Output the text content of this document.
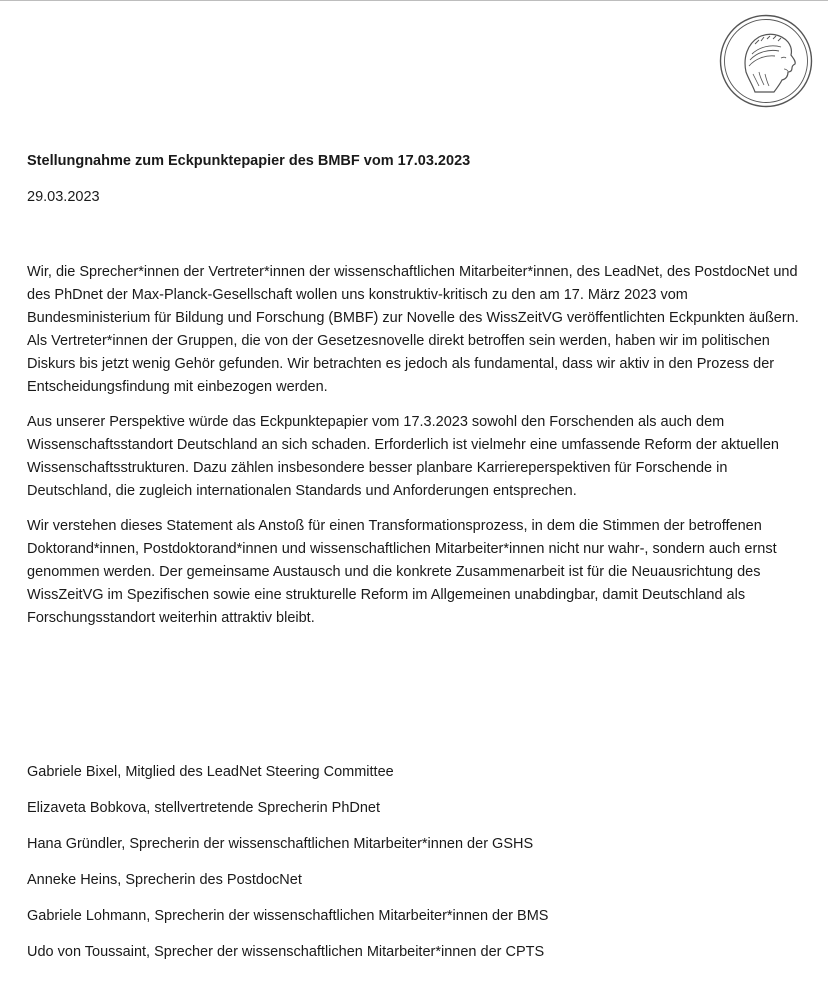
Stellungnahme zum Eckpunktepapier des BMBF vom 17.03.2023
29.03.2023

Wir, die Sprecher*innen der Vertreter*innen der wissenschaftlichen Mitarbeiter*innen, des LeadNet, des PostdocNet und des PhDnet der Max-Planck-Gesellschaft wollen uns konstruktiv-kritisch zu den am 17. März 2023 vom Bundesministerium für Bildung und Forschung (BMBF) zur Novelle des WissZeitVG veröffentlichten Eckpunkten äußern. Als Vertreter*innen der Gruppen, die von der Gesetzesnovelle direkt betroffen sein werden, haben wir im politischen Diskurs bis jetzt wenig Gehör gefunden. Wir betrachten es jedoch als fundamental, dass wir aktiv in den Prozess der Entscheidungsfindung mit einbezogen werden.

Aus unserer Perspektive würde das Eckpunktepapier vom 17.3.2023 sowohl den Forschenden als auch dem Wissenschaftsstandort Deutschland an sich schaden. Erforderlich ist vielmehr eine umfassende Reform der aktuellen Wissenschaftsstrukturen. Dazu zählen insbesondere besser planbare Karriereperspektiven für Forschende in Deutschland, die zugleich internationalen Standards und Anforderungen entsprechen.

Wir verstehen dieses Statement als Anstoß für einen Transformationsprozess, in dem die Stimmen der betroffenen Doktorand*innen, Postdoktorand*innen und wissenschaftlichen Mitarbeiter*innen nicht nur wahr-, sondern auch ernst genommen werden. Der gemeinsame Austausch und die konkrete Zusammenarbeit ist für die Neuausrichtung des WissZeitVG im Spezifischen sowie eine strukturelle Reform im Allgemeinen unabdingbar, damit Deutschland als Forschungsstandort weiterhin attraktiv bleibt.

Gabriele Bixel, Mitglied des LeadNet Steering Committee
Elizaveta Bobkova, stellvertretende Sprecherin PhDnet
Hana Gründler, Sprecherin der wissenschaftlichen Mitarbeiter*innen der GSHS
Anneke Heins, Sprecherin des PostdocNet
Gabriele Lohmann, Sprecherin der wissenschaftlichen Mitarbeiter*innen der BMS
Udo von Toussaint, Sprecher der wissenschaftlichen Mitarbeiter*innen der CPTS
